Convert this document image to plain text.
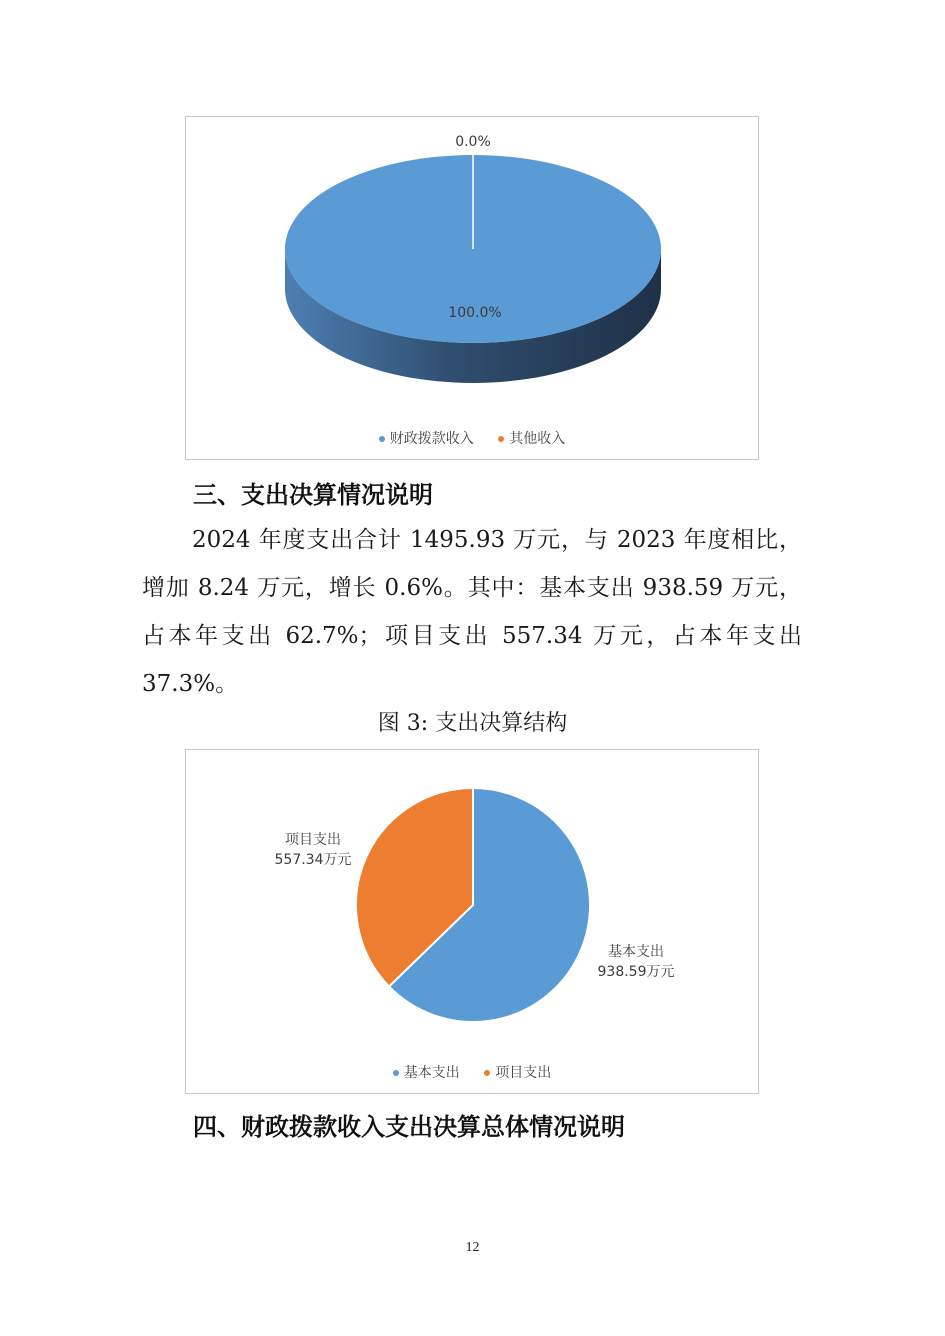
0.0%
100.0%
财政拨款收入	其他收入
三、支出决算情况说明
2024 年度支出合计 1495.93 万元，与 2023 年度相比，
增加 8.24 万元，增长 0.6%。其中：基本支出 938.59 万元，
占本年支出 62.7%；项目支出 557.34 万元，占本年支出
37.3%。
图 3: 支出决算结构
项目支出
557.34万元
基本支出
938.59万元
基本支出	项目支出
四、财政拨款收入支出决算总体情况说明
12
